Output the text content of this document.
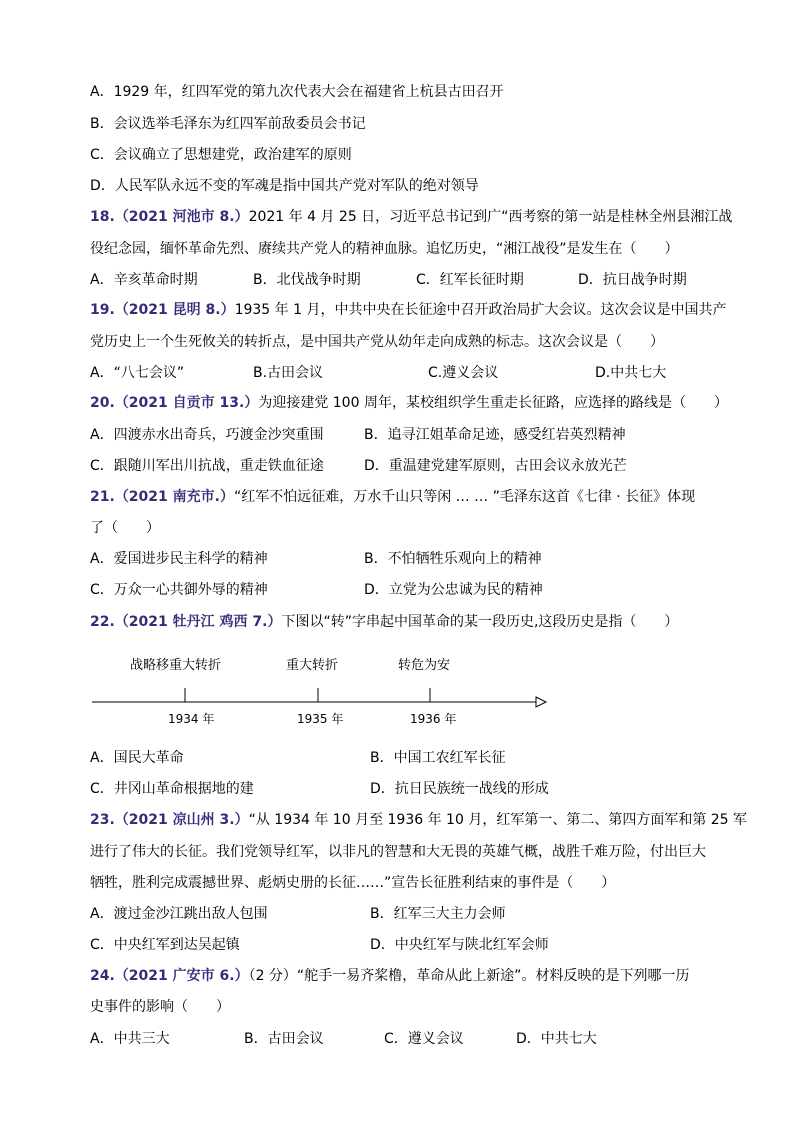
A．1929 年，红四军党的第九次代表大会在福建省上杭县古田召开
B．会议选举毛泽东为红四军前敌委员会书记
C．会议确立了思想建党，政治建军的原则
D．人民军队永远不变的军魂是指中国共产党对军队的绝对领导
18.（2021 河池市 8.）2021 年 4 月 25 日，习近平总书记到广“西考察的第一站是桂林全州县湘江战
役纪念园，缅怀革命先烈、赓续共产党人的精神血脉。追忆历史，“湘江战役”是发生在（　　）
A．辛亥革命时期	B．北伐战争时期	C．红军长征时期	D．抗日战争时期
19.（2021 昆明 8.）1935 年 1 月，中共中央在长征途中召开政治局扩大会议。这次会议是中国共产
党历史上一个生死攸关的转折点，是中国共产党从幼年走向成熟的标志。这次会议是（　　）
A．“八七会议”	B.古田会议	C.遵义会议	D.中共七大
20.（2021 自贡市 13.）为迎接建党 100 周年，某校组织学生重走长征路，应选择的路线是（　　）
A．四渡赤水出奇兵，巧渡金沙突重围	B．追寻江姐革命足迹，感受红岩英烈精神
C．跟随川军出川抗战，重走铁血征途	D．重温建党建军原则，古田会议永放光芒
21.（2021 南充市.）“红军不怕远征难，万水千山只等闲 … … ”毛泽东这首《七律 · 长征》体现
了（　　）
A．爱国进步民主科学的精神	B．不怕牺牲乐观向上的精神
C．万众一心共御外辱的精神	D．立党为公忠诚为民的精神
22.（2021 牡丹江 鸡西 7.）下图以“转”字串起中国革命的某一段历史,这段历史是指（　　）
战略移重大转折	重大转折	转危为安
1934 年	1935 年	1936 年
A．国民大革命	B．中国工农红军长征
C．井冈山革命根据地的建	D．抗日民族统一战线的形成
23.（2021 凉山州 3.）“从 1934 年 10 月至 1936 年 10 月，红军第一、第二、第四方面军和第 25 军
进行了伟大的长征。我们党领导红军，以非凡的智慧和大无畏的英雄气概，战胜千难万险，付出巨大
牺牲，胜利完成震撼世界、彪炳史册的长征……”宣告长征胜利结束的事件是（　　）
A．渡过金沙江跳出敌人包围	B．红军三大主力会师
C．中央红军到达吴起镇	D．中央红军与陕北红军会师
24.（2021 广安市 6.）（2 分）“舵手一易齐桨橹，革命从此上新途”。材料反映的是下列哪一历
史事件的影响（　　）
A．中共三大	B．古田会议	C．遵义会议	D．中共七大
